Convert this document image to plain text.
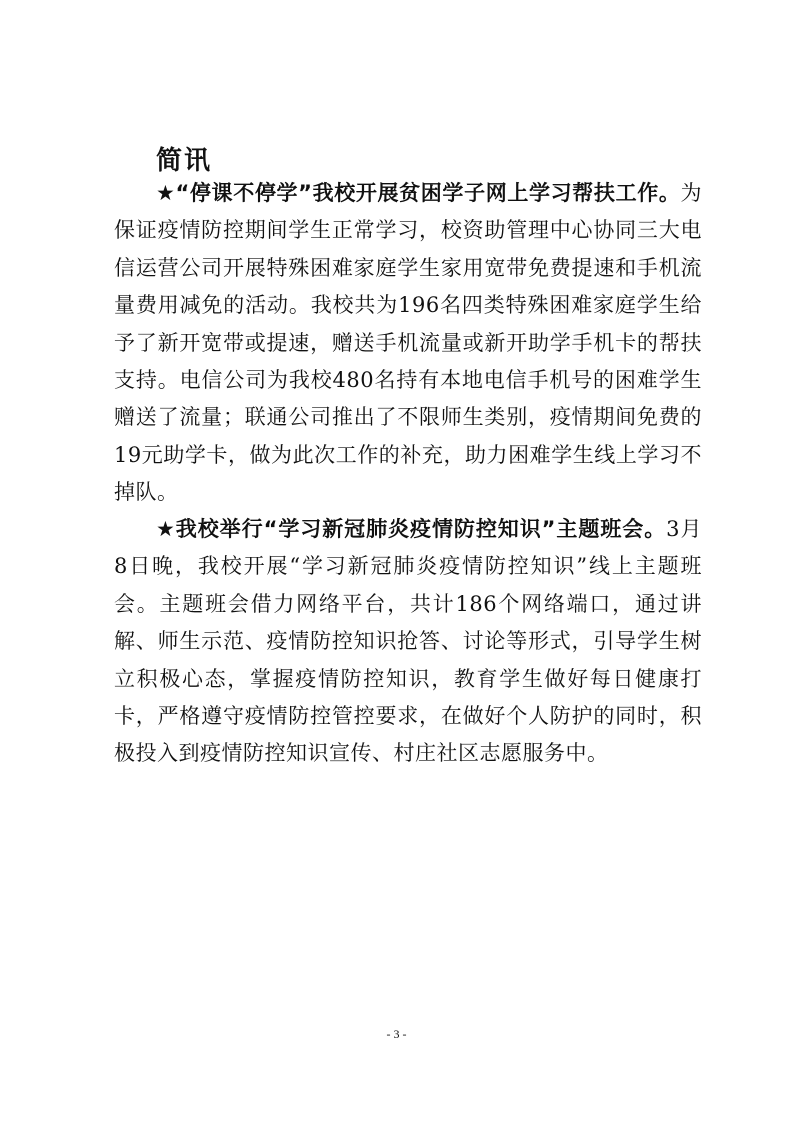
简讯

★“停课不停学”我校开展贫困学子网上学习帮扶工作。为保证疫情防控期间学生正常学习，校资助管理中心协同三大电信运营公司开展特殊困难家庭学生家用宽带免费提速和手机流量费用减免的活动。我校共为196名四类特殊困难家庭学生给予了新开宽带或提速，赠送手机流量或新开助学手机卡的帮扶支持。电信公司为我校480名持有本地电信手机号的困难学生赠送了流量；联通公司推出了不限师生类别，疫情期间免费的19元助学卡，做为此次工作的补充，助力困难学生线上学习不掉队。

★我校举行“学习新冠肺炎疫情防控知识”主题班会。3月8日晚，我校开展“学习新冠肺炎疫情防控知识”线上主题班会。主题班会借力网络平台，共计186个网络端口，通过讲解、师生示范、疫情防控知识抢答、讨论等形式，引导学生树立积极心态，掌握疫情防控知识，教育学生做好每日健康打卡，严格遵守疫情防控管控要求，在做好个人防护的同时，积极投入到疫情防控知识宣传、村庄社区志愿服务中。

- 3 -
